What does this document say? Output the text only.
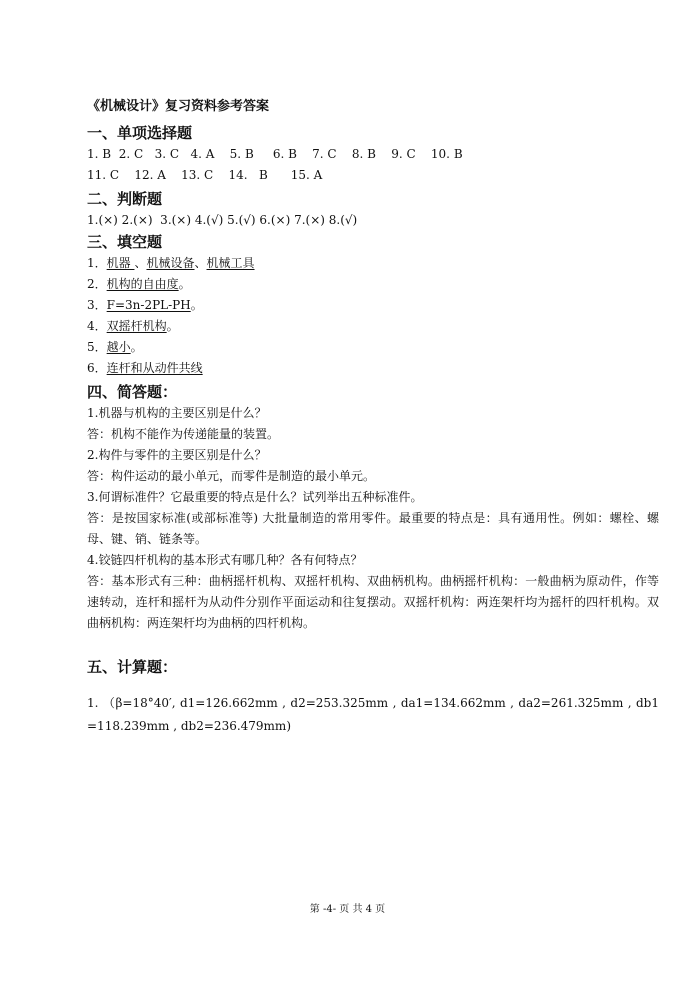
《机械设计》复习资料参考答案

一、单项选择题

1. B  2. C   3. C   4. A    5. B     6. B    7. C    8. B    9. C    10. B

11. C    12. A    13. C    14.   B      15. A

二、判断题

1.(×) 2.(×)  3.(×) 4.(√) 5.(√) 6.(×) 7.(×) 8.(√)

三、填空题

1．机器 、机械设备、机械工具

2．机构的自由度。

3．F=3n-2PL-PH。

4．双摇杆机构。

5．越小。

6．连杆和从动件共线

四、简答题：

1.机器与机构的主要区别是什么？

答：机构不能作为传递能量的装置。

2.构件与零件的主要区别是什么？

答：构件运动的最小单元，而零件是制造的最小单元。

3.何谓标准件？它最重要的特点是什么？试列举出五种标准件。

答：是按国家标准(或部标准等) 大批量制造的常用零件。最重要的特点是：具有通用性。例如：螺栓、螺母、键、销、链条等。

4.铰链四杆机构的基本形式有哪几种？各有何特点？

答：基本形式有三种：曲柄摇杆机构、双摇杆机构、双曲柄机构。曲柄摇杆机构：一般曲柄为原动件，作等速转动，连杆和摇杆为从动件分别作平面运动和往复摆动。双摇杆机构：两连架杆均为摇杆的四杆机构。双曲柄机构：两连架杆均为曲柄的四杆机构。

五、计算题：

1. （β=18°40′, d1=126.662mm , d2=253.325mm , da1=134.662mm , da2=261.325mm , db1=118.239mm , db2=236.479mm)

第 -4- 页 共 4 页
